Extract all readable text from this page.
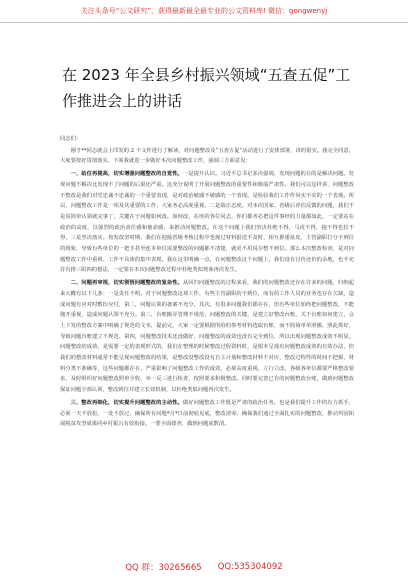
关注头条号“公文研究”，获得最新最全最专业的公文资料库! 微信：gongwenyj
在 2023 年全县乡村振兴领域“五查五促”工作推进会上的讲话

同志们：

刚才**同志就会上印发的 2 个文件进行了解读，对问题整改及“五查五促”活动进行了安排部署，讲的很实。我完全同意，大家要按好贯彻落实。下面我就进一步做好本次问题整改工作，强调三方面意见：

一、站位再提高，切实增强问题整改的自觉性。一是提升认识。习近平总书记多次强调，发现问题的目的是解决问题。发现问题不解决比发现不了问题的后果还严重。这充分说明了开展问题整改的重要性和极端严肃性。我们可以这样讲，问题整改不整改是我们对党忠诚不忠诚的一个重要表现，是对政治敏感不敏感的一个表现。是检验我们工作作风实不实的一个表现。所以，问题整改工作是一项及其重要的工作，大家务必高度重视。二是端正态度。对本次国家、省级后评估反馈的问题，我们不是说简单认领就完事了，关键在于问题如何改。如何改，在座的各位同志，你们都务必把这件事经的力量都如此，一定要站在政治的高度，以强烈的政治责任感和使命感，来推动问题整改。在这个问题上我们坚决杜绝不得，马虎不得，拖不得也拉不得，三是坚决落实。按发改坚时期，我们在迎接省级考核过程中也现过材料报送不及时、相互推诿扯皮，主管副职打分不到位的现象，导致有些单位的一把手甚至连本单位需要整改的问题都不清楚，就更不用说存整不到位。那么本次整改检查，是对问题整改工作中重视、工作不具体的集中表现。我在这里明确一点，在问题整改这个问题上，我们没有讨价还价的余地，也不允许有推三阻四的想法，一定要在本次问题整改过程中杜绝类似现象再次发生。

二、问题再审视，切实领悟问题整改的复杂性。从回归问题整改的过程来看，我们的问题整改还存在许多的问题，归纳起来大概有以下几条：一是责任不明。对于问题整改这项工作，有些主管副职的不到位，而有的工作人员的业务也存在欠缺，造成问题有应对时敷衍应付，第二，问题认领的备案不充分，其次，有很多问题我们都存在，但有些单位始终把问题整改，不能抛开重视，造成问题认领不充分。第三，台账搬弄管理不规范。问题整改的关键，是建立好整改台账，关于台账如何建立，会上下发的整改方案中明确了规范的文本，提前完，大家一定要根据所给的参考材料选取台账，而不简简单单照搬，照此抓好，导致问题台账建立不规范。第四，问题整改技术还没做好，问题整改的成效也没有完全到位，所以出现问题整改成效不明显。问题整改的成效，是需要一定的表现形式的，我们在整理的时候整改过程资料时，是根本呈现出问题整改成效的有效办法，但我们的整改材料通常不能呈现问题整改的结果，是整改没整改没有自主计划和整改材料不对应，整改过程性的时间不把握，材料分类不准确等，这些问题都存在，严重影响了问题整改工作的成效，必须高度重视，立行立改，各级各单位都要严格整改要求，及时组织好问题整改照单全收，举一反三进行检查，按照要求积极整改。同时要完善已有的问题整改台账，做到问题整改保证问题全部认领，整改到位并建立长效机制，以杜绝类似问题再次发生。

三、整改再细化，切实提升问题整改的主动性。做好问题整改工作既是严肃的政治任务，也是我们提升工作的有力抓手，必须一天不放松、一处不放过，确保所有问题*月*日前彻底见底，整改清零。确保我们通过全面扎实的问题整改，推动巩固拓展脱贫攻坚成果同乡村振兴有效衔接。一要全面排查，做到问题底数清。

QQ 群：30265665 QQ:535304092
